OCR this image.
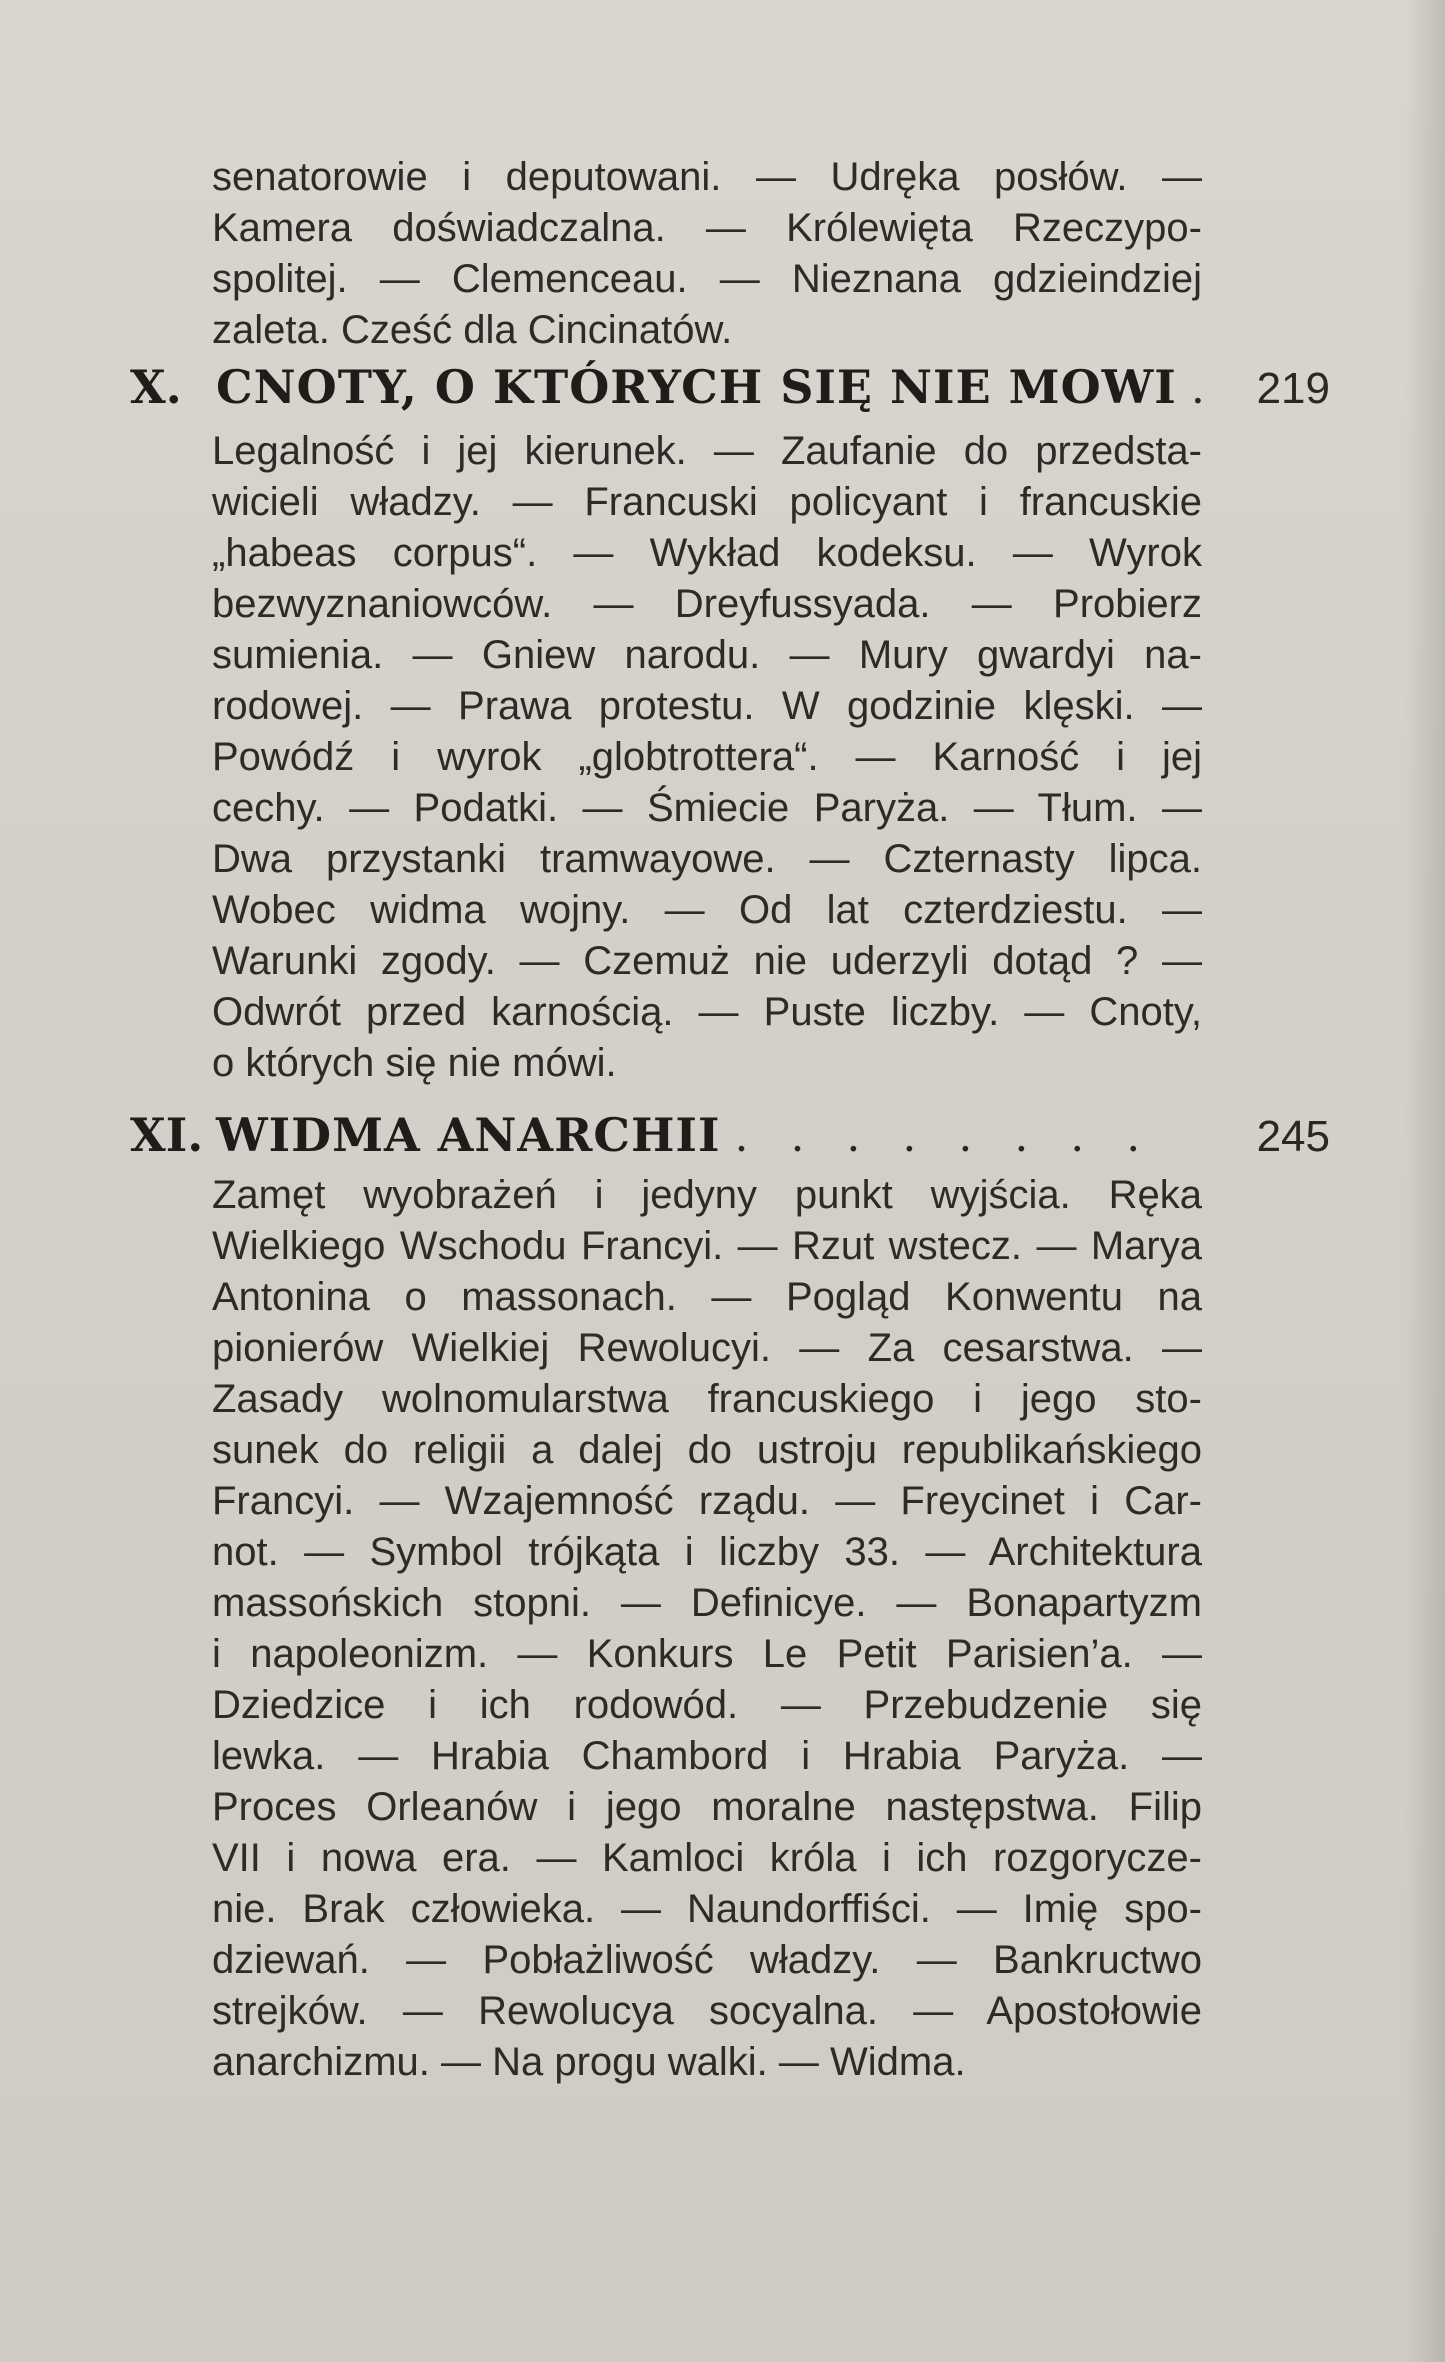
senatorowie i deputowani. — Udręka posłów. —
Kamera doświadczalna. — Królewięta Rzeczypo-
spolitej. — Clemenceau. — Nieznana gdzieindziej
zaleta. Cześć dla Cincinatów.
X. CNOTY, O KTÓRYCH SIĘ NIE MOWI . 219
Legalność i jej kierunek. — Zaufanie do przedsta-
wicieli władzy. — Francuski policyant i francuskie
„habeas corpus“. — Wykład kodeksu. — Wyrok
bezwyznaniowców. — Dreyfussyada. — Probierz
sumienia. — Gniew narodu. — Mury gwardyi na-
rodowej. — Prawa protestu. W godzinie klęski. —
Powódź i wyrok „globtrottera“. — Karność i jej
cechy. — Podatki. — Śmiecie Paryża. — Tłum. —
Dwa przystanki tramwayowe. — Czternasty lipca.
Wobec widma wojny. — Od lat czterdziestu. —
Warunki zgody. — Czemuż nie uderzyli dotąd ? —
Odwrót przed karnością. — Puste liczby. — Cnoty,
o których się nie mówi.
XI. WIDMA ANARCHII . . . . . . . .	245
Zamęt wyobrażeń i jedyny punkt wyjścia. Ręka
Wielkiego Wschodu Francyi. — Rzut wstecz. — Marya
Antonina o massonach. — Pogląd Konwentu na
pionierów Wielkiej Rewolucyi. — Za cesarstwa. —
Zasady wolnomularstwa francuskiego i jego sto-
sunek do religii a dalej do ustroju republikańskiego
Francyi. — Wzajemność rządu. — Freycinet i Car-
not. — Symbol trójkąta i liczby 33. — Architektura
massońskich stopni. — Definicye. — Bonapartyzm
i napoleonizm. — Konkurs Le Petit Parisien’a. —
Dziedzice i ich rodowód. — Przebudzenie się
lewka. — Hrabia Chambord i Hrabia Paryża. —
Proces Orleanów i jego moralne następstwa. Filip
VII i nowa era. — Kamloci króla i ich rozgorycze-
nie. Brak człowieka. — Naundorffiści. — Imię spo-
dziewań. — Pobłażliwość władzy. — Bankructwo
strejków. — Rewolucya socyalna. — Apostołowie
anarchizmu. — Na progu walki. — Widma.
